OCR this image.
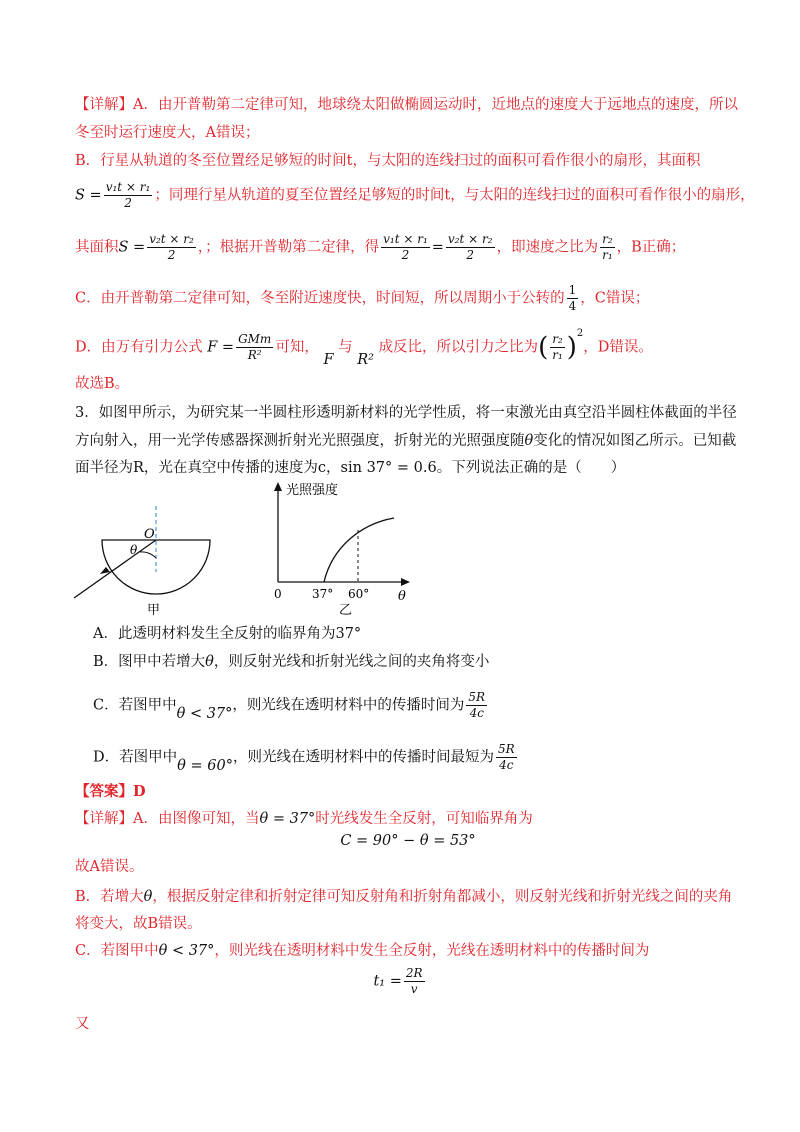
【详解】A．由开普勒第二定律可知，地球绕太阳做椭圆运动时，近地点的速度大于远地点的速度，所以
冬至时运行速度大，A错误；
B．行星从轨道的冬至位置经足够短的时间t，与太阳的连线扫过的面积可看作很小的扇形，其面积
$S = \frac{\text{v₁t × r₁}}{2}$ ；同理行星从轨道的夏至位置经足够短的时间t，与太阳的连线扫过的面积可看作很小的扇形，
其面积$S = \frac{\text{v₂t × r₂}}{2}$ ，；根据开普勒第二定律，得 $\frac{\text{v₁t × r₁}}{2} = \frac{\text{v₂t × r₂}}{2}$ ，即速度之比为 $\frac{\text{r₂}}{\text{r₁}}$ ，B正确；
C．由开普勒第二定律可知，冬至附近速度快，时间短，所以周期小于公转的 $\frac{1}{4}$ ，C错误；
D．由万有引力公式 $F = \frac{\text{GMm}}{\text{R²}}$ 可知， F 与 R² 成反比，所以引力之比为( $\frac{\text{r₂}}{\text{r₁}} )^2$，D错误。
故选B。
3．如图甲所示，为研究某一半圆柱形透明新材料的光学性质，将一束激光由真空沿半圆柱体截面的半径
方向射入，用一光学传感器探测折射光光照强度，折射光的光照强度随θ变化的情况如图乙所示。已知截
面半径为R，光在真空中传播的速度为c，sin 37° = 0.6。下列说法正确的是（　　）
O
θ
甲
光照强度
0	37° 60° θ
乙
A．此透明材料发生全反射的临界角为37°
B．图甲中若增大θ，则反射光线和折射光线之间的夹角将变小
C．若图甲中θ < 37°，则光线在透明材料中的传播时间为 $\frac{5R}{4c}$
D．若图甲中θ = 60°，则光线在透明材料中的传播时间最短为 $\frac{5R}{4c}$
【答案】D
【详解】A．由图像可知，当θ = 37°时光线发生全反射，可知临界角为
C = 90° − θ = 53°
故A错误。
B．若增大θ，根据反射定律和折射定律可知反射角和折射角都减小，则反射光线和折射光线之间的夹角
将变大，故B错误。
C．若图甲中θ < 37°，则光线在透明材料中发生全反射，光线在透明材料中的传播时间为
$t_1 = \frac{2R}{v}$
又
